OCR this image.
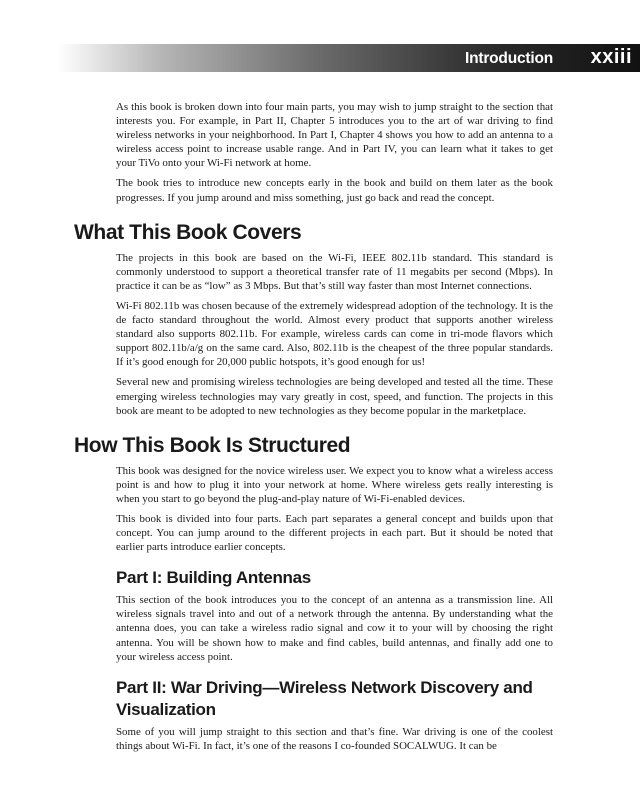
Introduction xxiii

As this book is broken down into four main parts, you may wish to jump straight to the section that interests you. For example, in Part II, Chapter 5 introduces you to the art of war driving to find wireless networks in your neighborhood. In Part I, Chapter 4 shows you how to add an antenna to a wireless access point to increase usable range. And in Part IV, you can learn what it takes to get your TiVo onto your Wi-Fi network at home.

The book tries to introduce new concepts early in the book and build on them later as the book progresses. If you jump around and miss something, just go back and read the concept.

What This Book Covers

The projects in this book are based on the Wi-Fi, IEEE 802.11b standard. This standard is commonly understood to support a theoretical transfer rate of 11 megabits per second (Mbps). In practice it can be as “low” as 3 Mbps. But that’s still way faster than most Internet connections.

Wi-Fi 802.11b was chosen because of the extremely widespread adoption of the technology. It is the de facto standard throughout the world. Almost every product that supports another wireless standard also supports 802.11b. For example, wireless cards can come in tri-mode flavors which support 802.11b/a/g on the same card. Also, 802.11b is the cheapest of the three popular standards. If it’s good enough for 20,000 public hotspots, it’s good enough for us!

Several new and promising wireless technologies are being developed and tested all the time. These emerging wireless technologies may vary greatly in cost, speed, and function. The projects in this book are meant to be adopted to new technologies as they become popular in the marketplace.

How This Book Is Structured

This book was designed for the novice wireless user. We expect you to know what a wireless access point is and how to plug it into your network at home. Where wireless gets really interesting is when you start to go beyond the plug-and-play nature of Wi-Fi-enabled devices.

This book is divided into four parts. Each part separates a general concept and builds upon that concept. You can jump around to the different projects in each part. But it should be noted that earlier parts introduce earlier concepts.

Part I: Building Antennas

This section of the book introduces you to the concept of an antenna as a transmission line. All wireless signals travel into and out of a network through the antenna. By understanding what the antenna does, you can take a wireless radio signal and cow it to your will by choosing the right antenna. You will be shown how to make and find cables, build antennas, and finally add one to your wireless access point.

Part II: War Driving—Wireless Network Discovery and Visualization

Some of you will jump straight to this section and that’s fine. War driving is one of the coolest things about Wi-Fi. In fact, it’s one of the reasons I co-founded SOCALWUG. It can be
